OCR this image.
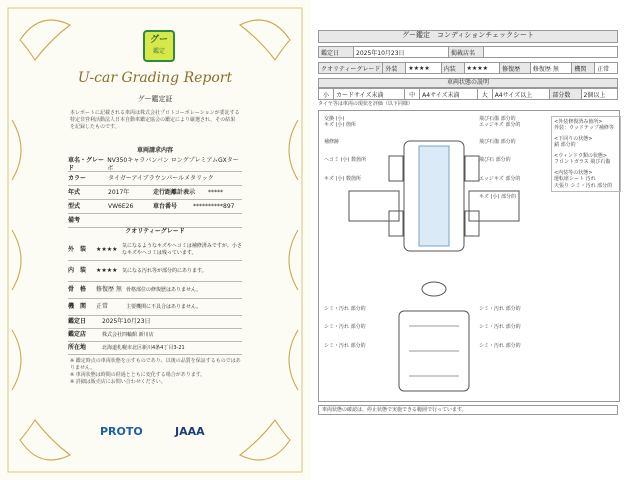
グー
鑑定
U-car Grading Report
グー鑑定証
本レポートに記載される車両は株式会社プロトコーポレーションが委託する特定非営利活動法人日本自動車鑑定協会の鑑定により厳選され、その結果を記録したものです。
車両請求内容
車名・グレード
NV350キャラバンバン ロングプレミアムGXターボ
カラー	タイガーアイブラウンパールメタリック
年式	2017年	走行距離計表示	*****
型式	VW6E26	車台番号	**********897
備考
クオリティーグレード
外　装	★★★★ 気になるようなキズやヘコミは補修済みですが、小さなキズやヘコミは残っています。
内　装	★★★★ 気になる汚れ等が部分的にあります。
骨　格	修復歴 無 骨格部位の修復歴はありません。
機　関	正常	主要機関に不具合はありません。
鑑定日	2025年10月23日
鑑定店	株式会社四輪館 新川店
所在地	北海道札幌市北区新川4条4丁目3-21
※ 鑑定時点の車両状態を示すものであり、以後の品質を保証するものではありません。
※ 車両状態は時間の経過とともに変化する場合があります。
※ 詳細は販売店にお問い合わせください。
PROTO	JAAA
グー鑑定　コンディションチェックシート
鑑定日	2025年10月23日	掲載店名	
クオリティーグレード	外装	★★★★	内装	★★★★	修復歴	修復歴 無	機関	正常
車両状態の説明
小	カードサイズ未満	中	A4サイズ未満	大	A4サイズ以上	部分数	2個以上
タイヤ等は車両の現状を評価（以下同様）
交換 (小)
キズ (小) 箇所
補修跡
ヘコミ (小) 数箇所
キズ (小) 数箇所
飛び石傷 部分的
エッジキズ 部分的
飛び石傷 部分的
飛び石 部分的
エッジキズ 部分的
キズ (小) 部分的
シミ・汚れ 部分的
シミ・汚れ 部分的
シミ・汚れ 部分的
シミ・汚れ 部分的
シミ・汚れ 部分的
シミ・汚れ 部分的
<外装修復済み箇所>
外装：ウッドテップ補修等
<下回りの状態>
錆 部分的
<ウィンドウ類の状態>
フロントガラス 飛び石傷
<内装等の状態>
運転席シート 汚れ
天張り シミ・汚れ 部分的
車両状態の確認は、停止状態で実施できる範囲で行っています。
